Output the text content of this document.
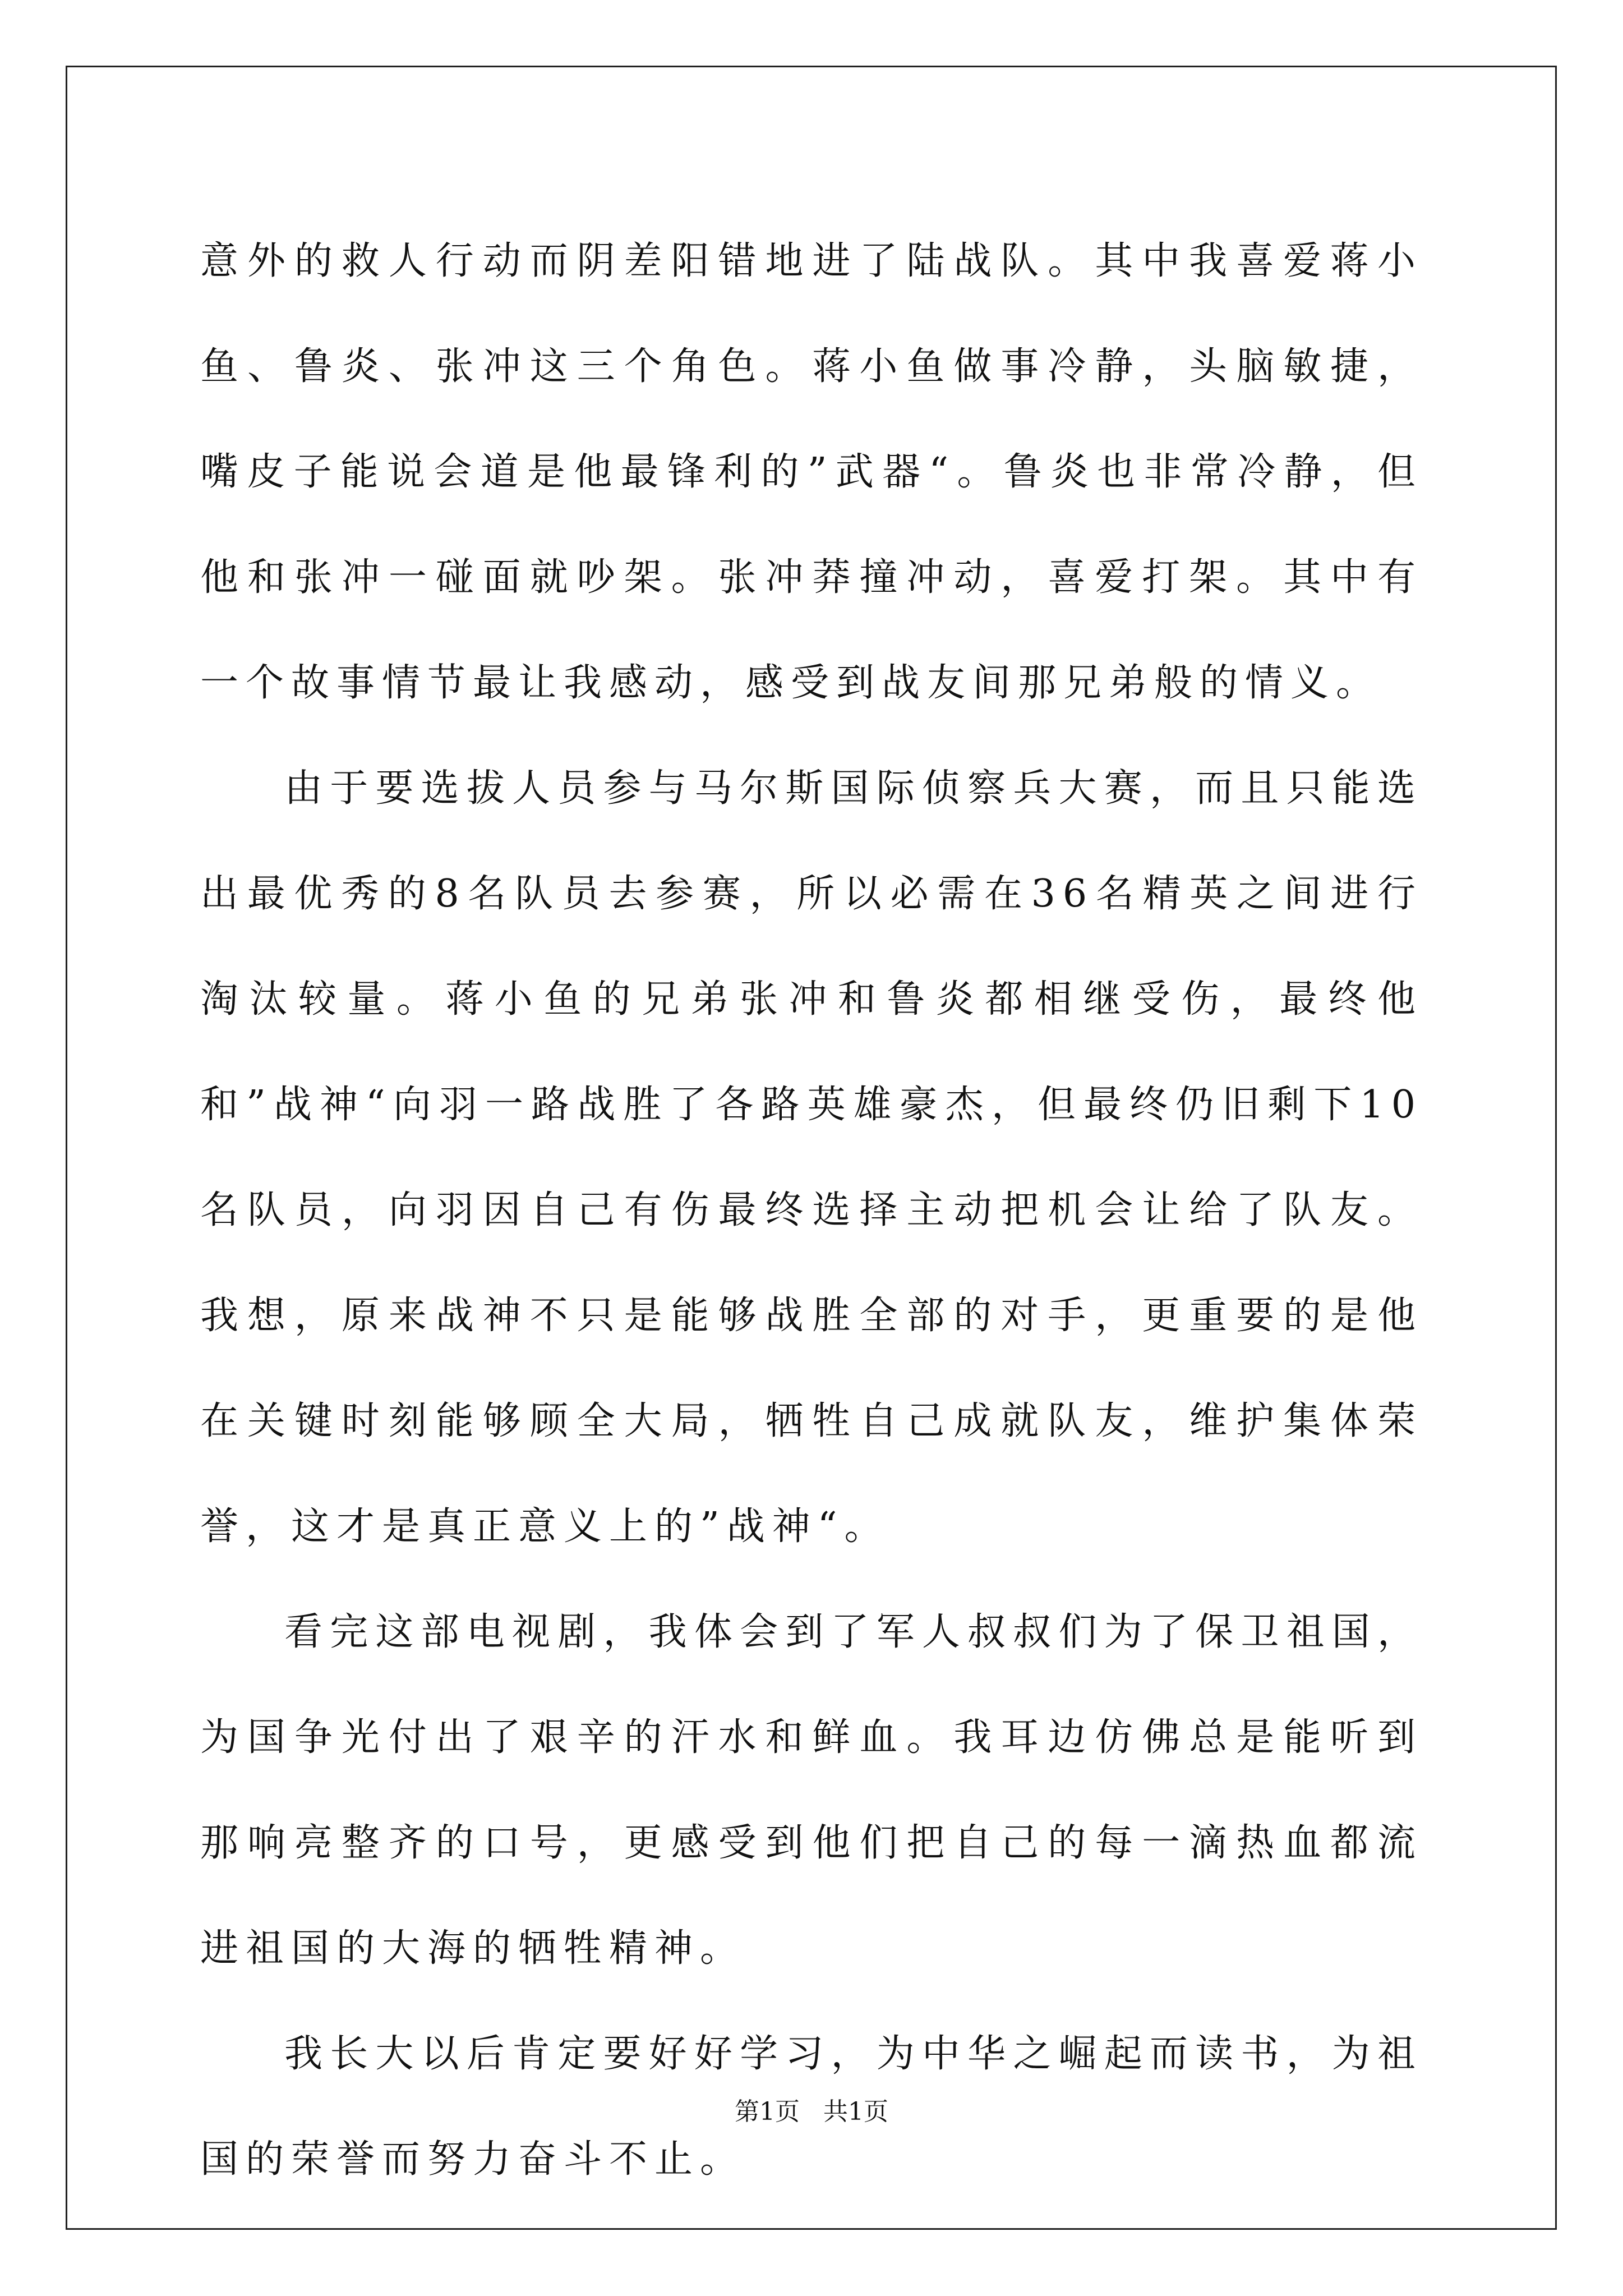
意外的救人行动而阴差阳错地进了陆战队。其中我喜爱蒋小鱼、鲁炎、张冲这三个角色。蒋小鱼做事冷静，头脑敏捷，嘴皮子能说会道是他最锋利的”武器“。鲁炎也非常冷静，但他和张冲一碰面就吵架。张冲莽撞冲动，喜爱打架。其中有一个故事情节最让我感动，感受到战友间那兄弟般的情义。

由于要选拔人员参与马尔斯国际侦察兵大赛，而且只能选出最优秀的8名队员去参赛，所以必需在36名精英之间进行淘汰较量。蒋小鱼的兄弟张冲和鲁炎都相继受伤，最终他和”战神“向羽一路战胜了各路英雄豪杰，但最终仍旧剩下10名队员，向羽因自己有伤最终选择主动把机会让给了队友。我想，原来战神不只是能够战胜全部的对手，更重要的是他在关键时刻能够顾全大局，牺牲自己成就队友，维护集体荣誉，这才是真正意义上的”战神“。

看完这部电视剧，我体会到了军人叔叔们为了保卫祖国，为国争光付出了艰辛的汗水和鲜血。我耳边仿佛总是能听到那响亮整齐的口号，更感受到他们把自己的每一滴热血都流进祖国的大海的牺牲精神。

我长大以后肯定要好好学习，为中华之崛起而读书，为祖国的荣誉而努力奋斗不止。

第1页 共1页
